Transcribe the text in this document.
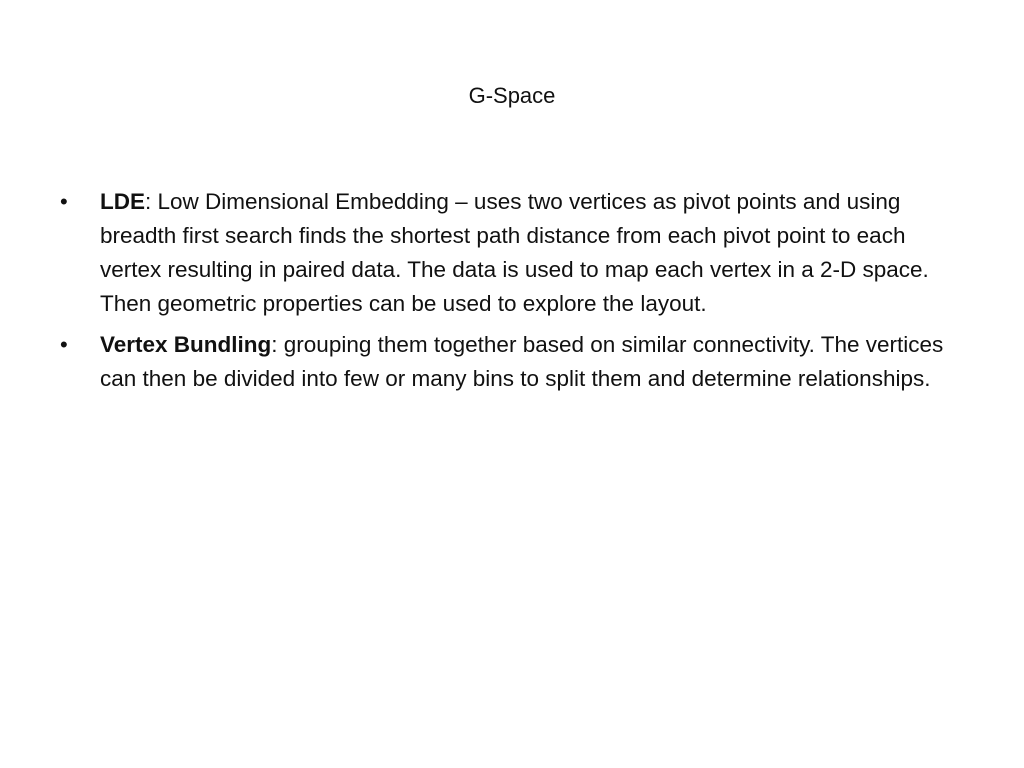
G-Space
•	LDE: Low Dimensional Embedding – uses two vertices as pivot points and using breadth first search finds the shortest path distance from each pivot point to each vertex resulting in paired data. The data is used to map each vertex in a 2-D space. Then geometric properties can be used to explore the layout.
•	Vertex Bundling: grouping them together based on similar connectivity. The vertices can then be divided into few or many bins to split them and determine relationships.
